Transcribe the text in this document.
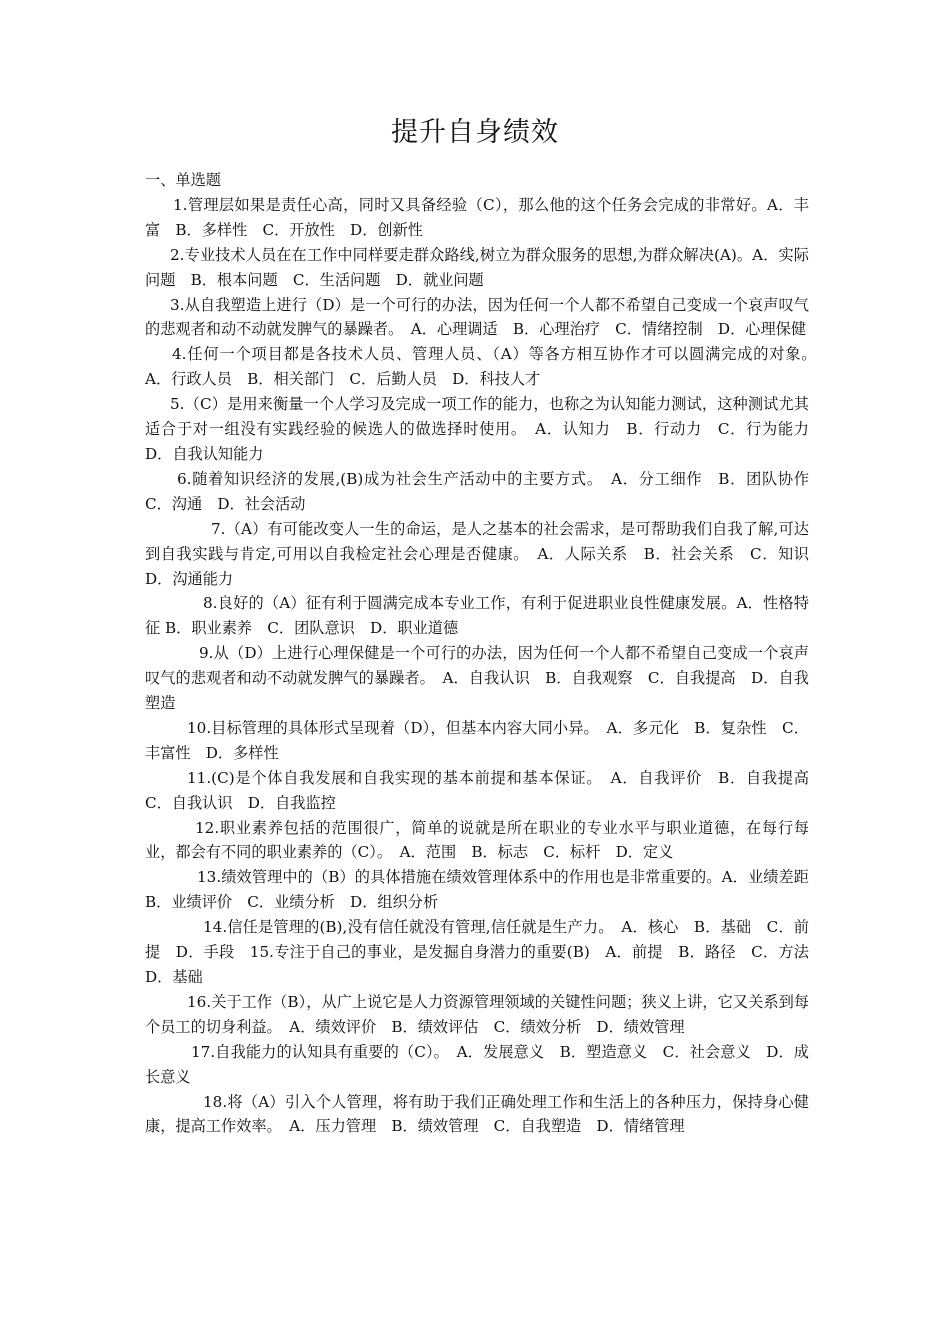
提升自身绩效

一、单选题

1.管理层如果是责任心高，同时又具备经验（C），那么他的这个任务会完成的非常好。A．丰富　B．多样性　C．开放性　D．创新性

2.专业技术人员在在工作中同样要走群众路线,树立为群众服务的思想,为群众解决(A)。A．实际问题　B．根本问题　C．生活问题　D．就业问题

3.从自我塑造上进行（D）是一个可行的办法，因为任何一个人都不希望自己变成一个哀声叹气的悲观者和动不动就发脾气的暴躁者。　A．心理调适　B．心理治疗　C．情绪控制　D．心理保健

4.任何一个项目都是各技术人员、管理人员、（A）等各方相互协作才可以圆满完成的对象。　A．行政人员　B．相关部门　C．后勤人员　D．科技人才

5.（C）是用来衡量一个人学习及完成一项工作的能力，也称之为认知能力测试，这种测试尤其适合于对一组没有实践经验的候选人的做选择时使用。　A．认知力　B．行动力　C．行为能力　D．自我认知能力

6.随着知识经济的发展,(B)成为社会生产活动中的主要方式。　A．分工细作　B．团队协作　C．沟通　D．社会活动

7.（A）有可能改变人一生的命运，是人之基本的社会需求，是可帮助我们自我了解,可达到自我实践与肯定,可用以自我检定社会心理是否健康。　A．人际关系　B．社会关系　C．知识　D．沟通能力

8.良好的（A）征有利于圆满完成本专业工作，有利于促进职业良性健康发展。A．性格特征 B．职业素养　C．团队意识　D．职业道德

9.从（D）上进行心理保健是一个可行的办法，因为任何一个人都不希望自己变成一个哀声叹气的悲观者和动不动就发脾气的暴躁者。　A．自我认识　B．自我观察　C．自我提高　D．自我塑造

10.目标管理的具体形式呈现着（D），但基本内容大同小异。　A．多元化　B．复杂性　C．丰富性　D．多样性

11.(C)是个体自我发展和自我实现的基本前提和基本保证。　A．自我评价　B．自我提高　C．自我认识　D．自我监控

12.职业素养包括的范围很广，简单的说就是所在职业的专业水平与职业道德，在每行每业，都会有不同的职业素养的（C）。　A．范围　B．标志　C．标杆　D．定义

13.绩效管理中的（B）的具体措施在绩效管理体系中的作用也是非常重要的。A．业绩差距　B．业绩评价　C．业绩分析　D．组织分析

14.信任是管理的(B),没有信任就没有管理,信任就是生产力。　A．核心　B．基础　C．前提　D．手段　15.专注于自己的事业，是发掘自身潜力的重要(B)　A．前提　B．路径　C．方法　D．基础

16.关于工作（B），从广上说它是人力资源管理领域的关键性问题；狭义上讲，它又关系到每个员工的切身利益。　A．绩效评价　B．绩效评估　C．绩效分析　D．绩效管理

17.自我能力的认知具有重要的（C）。　A．发展意义　B．塑造意义　C．社会意义　D．成长意义

18.将（A）引入个人管理，将有助于我们正确处理工作和生活上的各种压力，保持身心健康，提高工作效率。　A．压力管理　B．绩效管理　C．自我塑造　D．情绪管理
